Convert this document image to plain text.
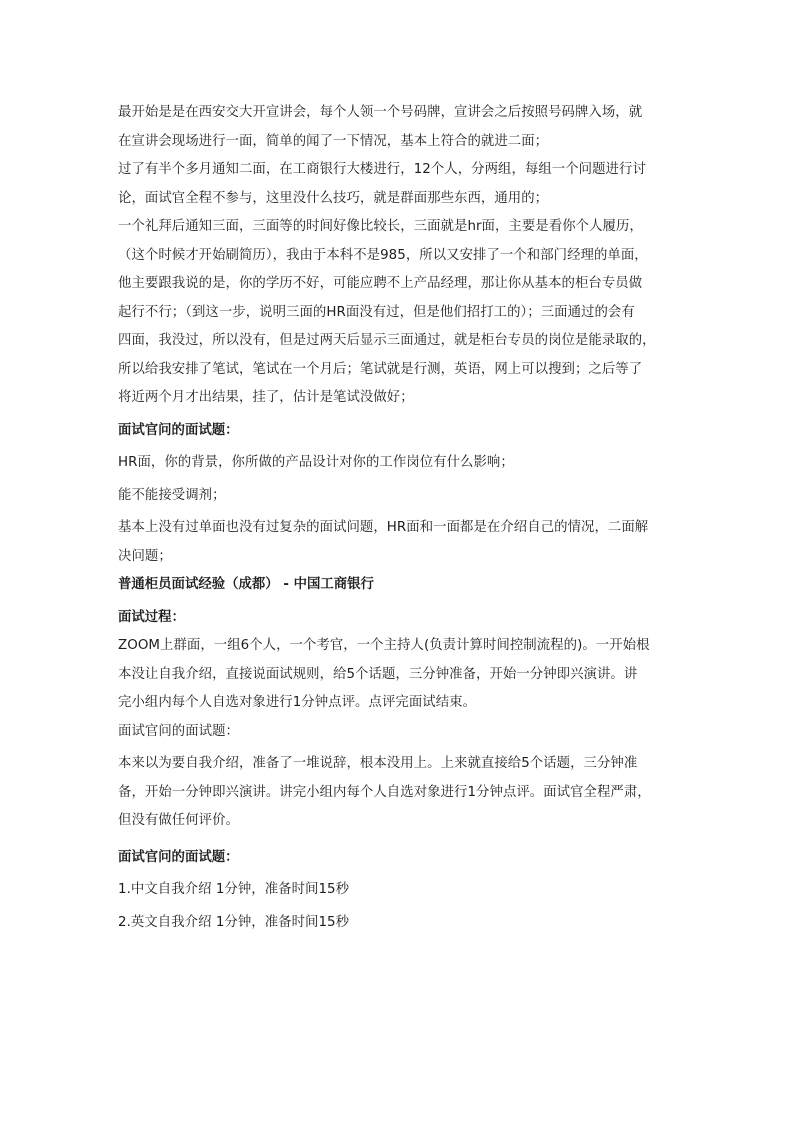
最开始是是在西安交大开宣讲会，每个人领一个号码牌，宣讲会之后按照号码牌入场，就
在宣讲会现场进行一面，简单的闻了一下情况，基本上符合的就进二面；

过了有半个多月通知二面，在工商银行大楼进行，12个人，分两组，每组一个问题进行讨
论，面试官全程不参与，这里没什么技巧，就是群面那些东西，通用的；

一个礼拜后通知三面，三面等的时间好像比较长，三面就是hr面，主要是看你个人履历，
（这个时候才开始刷简历），我由于本科不是985，所以又安排了一个和部门经理的单面，
他主要跟我说的是，你的学历不好，可能应聘不上产品经理，那让你从基本的柜台专员做
起行不行；（到这一步，说明三面的HR面没有过，但是他们招打工的）；三面通过的会有
四面，我没过，所以没有，但是过两天后显示三面通过，就是柜台专员的岗位是能录取的，
所以给我安排了笔试，笔试在一个月后；笔试就是行测，英语，网上可以搜到；之后等了
将近两个月才出结果，挂了，估计是笔试没做好；

面试官问的面试题：

HR面，你的背景，你所做的产品设计对你的工作岗位有什么影响；

能不能接受调剂；

基本上没有过单面也没有过复杂的面试问题，HR面和一面都是在介绍自己的情况，二面解
决问题；

普通柜员面试经验（成都） - 中国工商银行

面试过程：

ZOOM上群面，一组6个人，一个考官，一个主持人(负责计算时间控制流程的)。一开始根
本没让自我介绍，直接说面试规则，给5个话题，三分钟准备，开始一分钟即兴演讲。讲
完小组内每个人自选对象进行1分钟点评。点评完面试结束。

面试官问的面试题：

本来以为要自我介绍，准备了一堆说辞，根本没用上。上来就直接给5个话题，三分钟准
备，开始一分钟即兴演讲。讲完小组内每个人自选对象进行1分钟点评。面试官全程严肃，
但没有做任何评价。

面试官问的面试题：

1.中文自我介绍 1分钟，准备时间15秒

2.英文自我介绍 1分钟，准备时间15秒
